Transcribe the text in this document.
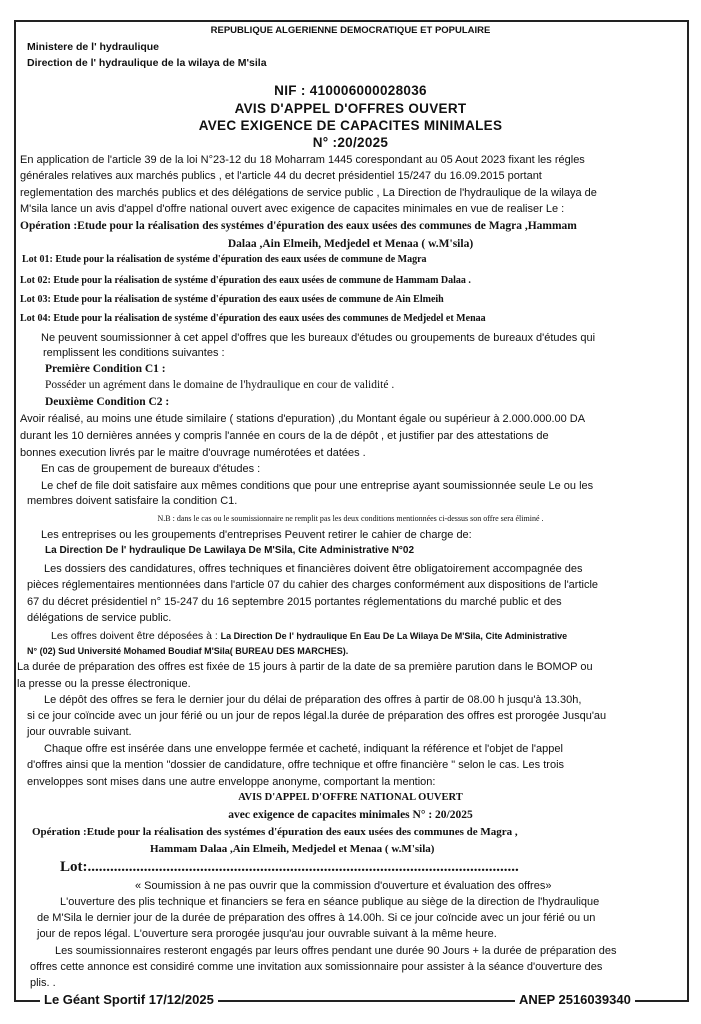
REPUBLIQUE ALGERIENNE DEMOCRATIQUE ET POPULAIRE
Ministere de l' hydraulique
Direction de l' hydraulique de la wilaya de M'sila
NIF : 410006000028036
AVIS D'APPEL D'OFFRES OUVERT
AVEC EXIGENCE DE CAPACITES MINIMALES
N° :20/2025
En application de l'article 39 de la loi N°23-12 du 18 Moharram 1445 corespondant au 05 Aout 2023 fixant les régles
générales relatives aux marchés publics , et l'article 44 du decret présidentiel 15/247 du 16.09.2015 portant
reglementation des marchés publics et des délégations de service public , La Direction de l'hydraulique de la wilaya de
M'sila lance un avis d'appel d'offre national ouvert avec exigence de capacites minimales en vue de realiser Le :
Opération :Etude pour la réalisation des systémes d'épuration des eaux usées des communes de Magra ,Hammam
Dalaa ,Ain Elmeih, Medjedel et Menaa ( w.M'sila)
Lot 01: Etude pour la réalisation de systéme d'épuration des eaux usées de commune de Magra
Lot 02: Etude pour la réalisation de systéme d'épuration des eaux usées de commune de Hammam Dalaa .
Lot 03: Etude pour la réalisation de systéme d'épuration des eaux usées de commune de Ain Elmeih
Lot 04: Etude pour la réalisation de systéme d'épuration des eaux usées des communes de Medjedel et Menaa
Ne peuvent soumissionner à cet appel d'offres que les bureaux d'études ou groupements de bureaux d'études qui
remplissent les conditions suivantes :
Première Condition C1 :
Posséder un agrément dans le domaine de l'hydraulique en cour de validité .
Deuxième Condition C2 :
Avoir réalisé, au moins une étude similaire ( stations d'epuration) ,du Montant égale ou supérieur à 2.000.000.00 DA
durant les 10 dernières années y compris l'année en cours de la de dépôt , et justifier par des attestations de
bonnes execution livrés par le maitre d'ouvrage numérotées et datées .
En cas de groupement de bureaux d'études :
Le chef de file doit satisfaire aux mêmes conditions que pour une entreprise ayant soumissionnée seule Le ou les
membres doivent satisfaire la condition C1.
N.B : dans le cas ou le soumissionnaire ne remplit pas les deux conditions mentionnées ci-dessus son offre sera éliminé .
Les entreprises ou les groupements d'entreprises Peuvent retirer le cahier de charge de:
La Direction De l' hydraulique De Lawilaya De M'Sila, Cite Administrative N°02
Les dossiers des candidatures, offres techniques et financières doivent être obligatoirement accompagnée des
pièces réglementaires mentionnées dans l'article 07 du cahier des charges conformément aux dispositions de l'article
67 du décret présidentiel n° 15-247 du 16 septembre 2015 portantes réglementations du marché public et des
délégations de service public.
Les offres doivent être déposées à : La Direction De l' hydraulique En Eau De La Wilaya De M'Sila, Cite Administrative
N° (02) Sud Université Mohamed Boudiaf M'Sila( BUREAU DES MARCHES).
La durée de préparation des offres est fixée de 15 jours à partir de la date de sa première parution dans le BOMOP ou
la presse ou la presse électronique.
Le dépôt des offres se fera le dernier jour du délai de préparation des offres à partir de 08.00 h jusqu'à 13.30h,
si ce jour coïncide avec un jour férié ou un jour de repos légal.la durée de préparation des offres est prorogée Jusqu'au
jour ouvrable suivant.
Chaque offre est insérée dans une enveloppe fermée et cacheté, indiquant la référence et l'objet de l'appel
d'offres ainsi que la mention "dossier de candidature, offre technique et offre financière " selon le cas. Les trois
enveloppes sont mises dans une autre enveloppe anonyme, comportant la mention:
AVIS D'APPEL D'OFFRE NATIONAL OUVERT
avec exigence de capacites minimales N° : 20/2025
Opération :Etude pour la réalisation des systémes d'épuration des eaux usées des communes de Magra ,
Hammam Dalaa ,Ain Elmeih, Medjedel et Menaa ( w.M'sila)
Lot:...................................................................................................................
« Soumission à ne pas ouvrir que la commission d'ouverture et évaluation des offres»
L'ouverture des plis technique et financiers se fera en séance publique au siège de la direction de l'hydraulique
de M'Sila le dernier jour de la durée de préparation des offres à 14.00h. Si ce jour coïncide avec un jour férié ou un
jour de repos légal. L'ouverture sera prorogée jusqu'au jour ouvrable suivant à la même heure.
Les soumissionnaires resteront engagés par leurs offres pendant une durée 90 Jours + la durée de préparation des
offres cette annonce est considiré comme une invitation aux somissionnaire pour assister à la séance d'ouverture des
plis. .
Le Géant Sportif 17/12/2025	ANEP 2516039340
